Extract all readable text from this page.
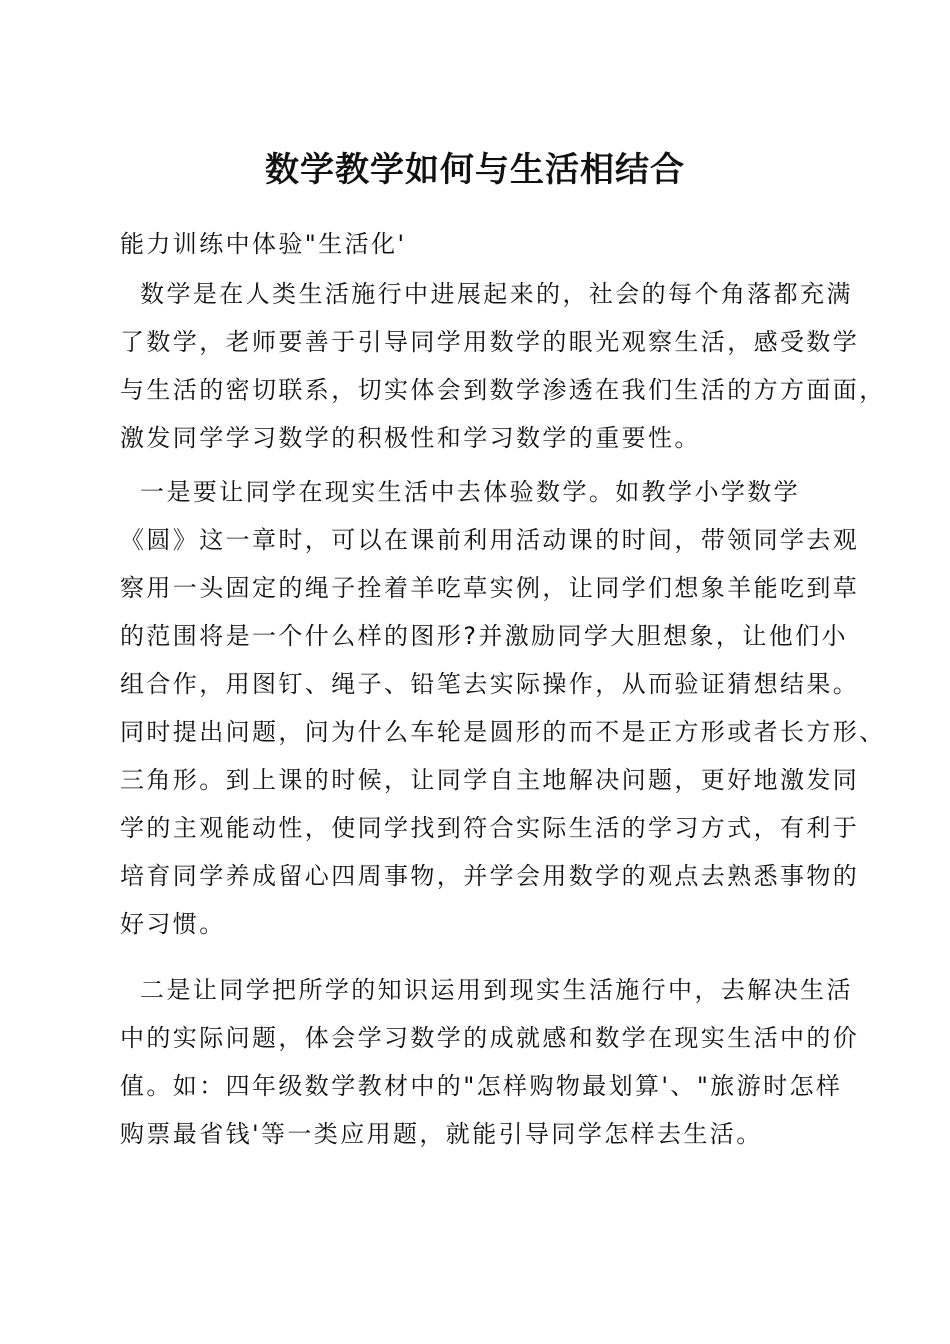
数学教学如何与生活相结合
能力训练中体验"生活化'
数学是在人类生活施行中进展起来的，社会的每个角落都充满
了数学，老师要善于引导同学用数学的眼光观察生活，感受数学
与生活的密切联系，切实体会到数学渗透在我们生活的方方面面，
激发同学学习数学的积极性和学习数学的重要性。
一是要让同学在现实生活中去体验数学。如教学小学数学
《圆》这一章时，可以在课前利用活动课的时间，带领同学去观
察用一头固定的绳子拴着羊吃草实例，让同学们想象羊能吃到草
的范围将是一个什么样的图形?并激励同学大胆想象，让他们小
组合作，用图钉、绳子、铅笔去实际操作，从而验证猜想结果。
同时提出问题，问为什么车轮是圆形的而不是正方形或者长方形、
三角形。到上课的时候，让同学自主地解决问题，更好地激发同
学的主观能动性，使同学找到符合实际生活的学习方式，有利于
培育同学养成留心四周事物，并学会用数学的观点去熟悉事物的
好习惯。
二是让同学把所学的知识运用到现实生活施行中，去解决生活
中的实际问题，体会学习数学的成就感和数学在现实生活中的价
值。如：四年级数学教材中的"怎样购物最划算'、"旅游时怎样
购票最省钱'等一类应用题，就能引导同学怎样去生活。
